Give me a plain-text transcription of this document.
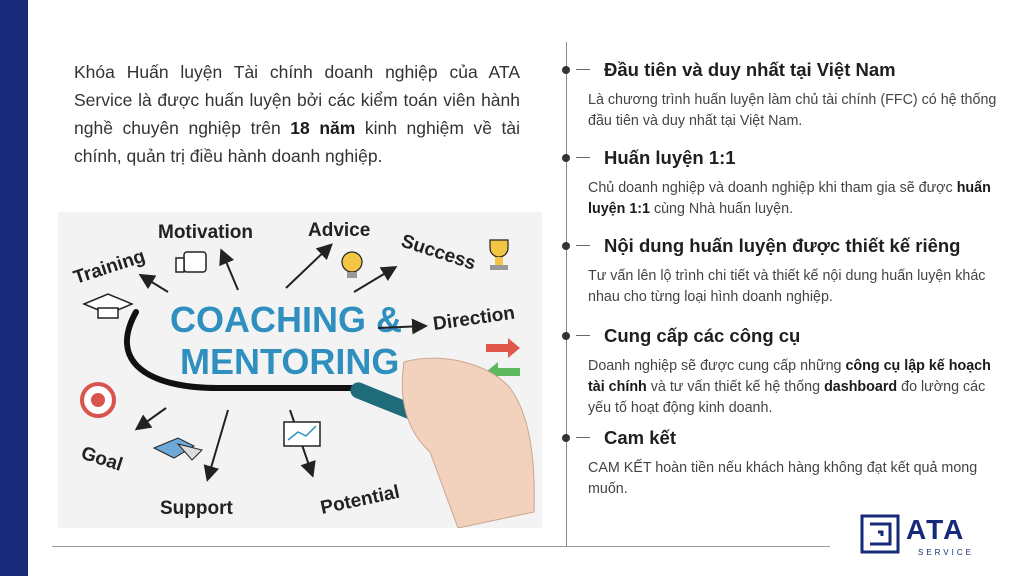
Khóa Huấn luyện Tài chính doanh nghiệp của ATA Service là được huấn luyện bởi các kiểm toán viên hành nghề chuyên nghiệp trên 18 năm kinh nghiệm về tài chính, quản trị điều hành doanh nghiệp.
COACHING &
MENTORING
Training
Motivation	Advice
Success
Direction
Goal
Support	Potential
Đầu tiên và duy nhất tại Việt Nam
Là chương trình huấn luyện làm chủ tài chính (FFC) có hệ thống đầu tiên và duy nhất tại Việt Nam.
Huấn luyện 1:1
Chủ doanh nghiệp và doanh nghiệp khi tham gia sẽ được huấn luyện 1:1 cùng Nhà huấn luyện.
Nội dung huấn luyện được thiết kế riêng
Tư vấn lên lộ trình chi tiết và thiết kế nội dung huấn luyện khác nhau cho từng loại hình doanh nghiệp.
Cung cấp các công cụ
Doanh nghiệp sẽ được cung cấp những công cụ lập kế hoạch tài chính và tư vấn thiết kế hệ thống dashboard đo lường các yếu tố hoạt động kinh doanh.
Cam kết
CAM KẾT hoàn tiền nếu khách hàng không đạt kết quả mong muốn.
ATA
SERVICE
